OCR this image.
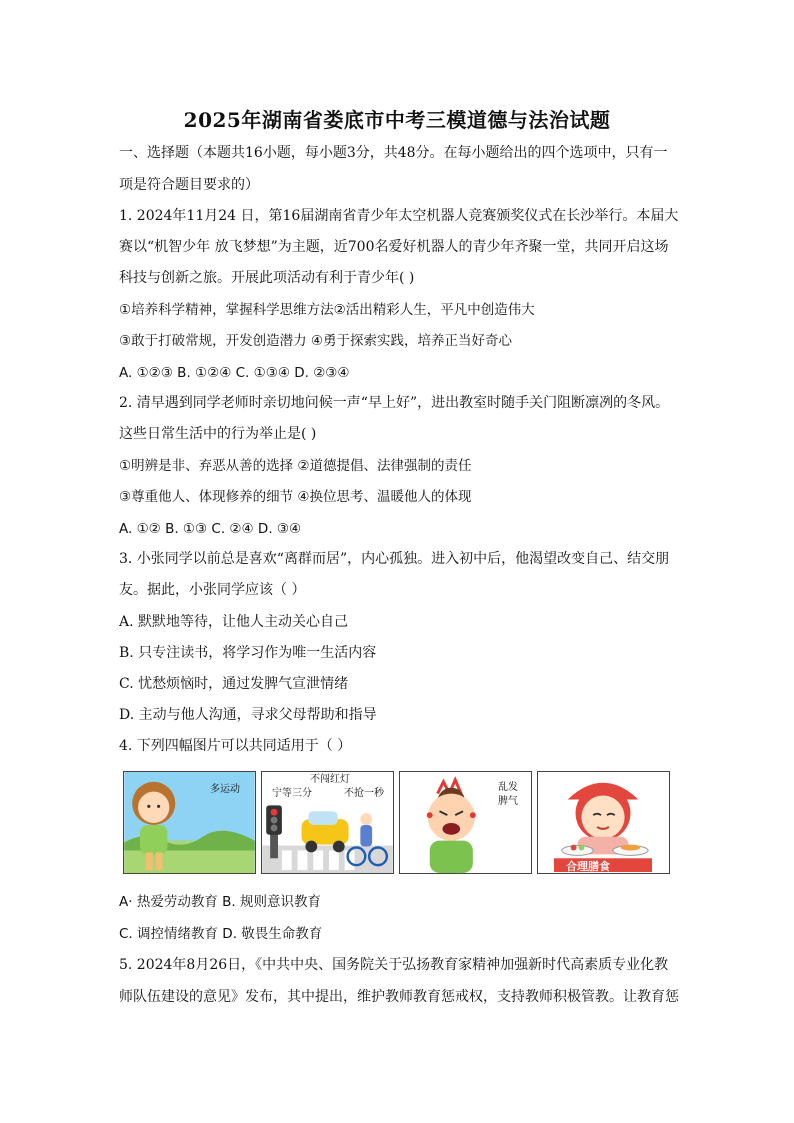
2025年湖南省娄底市中考三模道德与法治试题
一、选择题（本题共16小题，每小题3分，共48分。在每小题给出的四个选项中，只有一
项是符合题目要求的）
1. 2024年11月24 日，第16届湖南省青少年太空机器人竞赛颁奖仪式在长沙举行。本届大
赛以“机智少年 放飞梦想”为主题，近700名爱好机器人的青少年齐聚一堂，共同开启这场
科技与创新之旅。开展此项活动有利于青少年( )
①培养科学精神，掌握科学思维方法②活出精彩人生，平凡中创造伟大
③敢于打破常规，开发创造潜力 ④勇于探索实践，培养正当好奇心
A. ①②③ B. ①②④ C. ①③④ D. ②③④
2. 清早遇到同学老师时亲切地问候一声“早上好”，进出教室时随手关门阻断凛冽的冬风。
这些日常生活中的行为举止是( )
①明辨是非、弃恶从善的选择 ②道德提倡、法律强制的责任
③尊重他人、体现修养的细节 ④换位思考、温暖他人的体现
A. ①② B. ①③ C. ②④ D. ③④
3. 小张同学以前总是喜欢“离群而居”，内心孤独。进入初中后，他渴望改变自己、结交朋
友。据此，小张同学应该（ ）
A. 默默地等待，让他人主动关心自己
B. 只专注读书，将学习作为唯一生活内容
C. 忧愁烦恼时，通过发脾气宣泄情绪
D. 主动与他人沟通，寻求父母帮助和指导
4. 下列四幅图片可以共同适用于（ ）
多运动
不闯红灯
宁等三分	不抢一秒
乱发
脾气
合理膳食
A· 热爱劳动教育 B. 规则意识教育
C. 调控情绪教育 D. 敬畏生命教育
5. 2024年8月26日，《中共中央、国务院关于弘扬教育家精神加强新时代高素质专业化教
师队伍建设的意见》发布，其中提出，维护教师教育惩戒权，支持教师积极管教。让教育惩
